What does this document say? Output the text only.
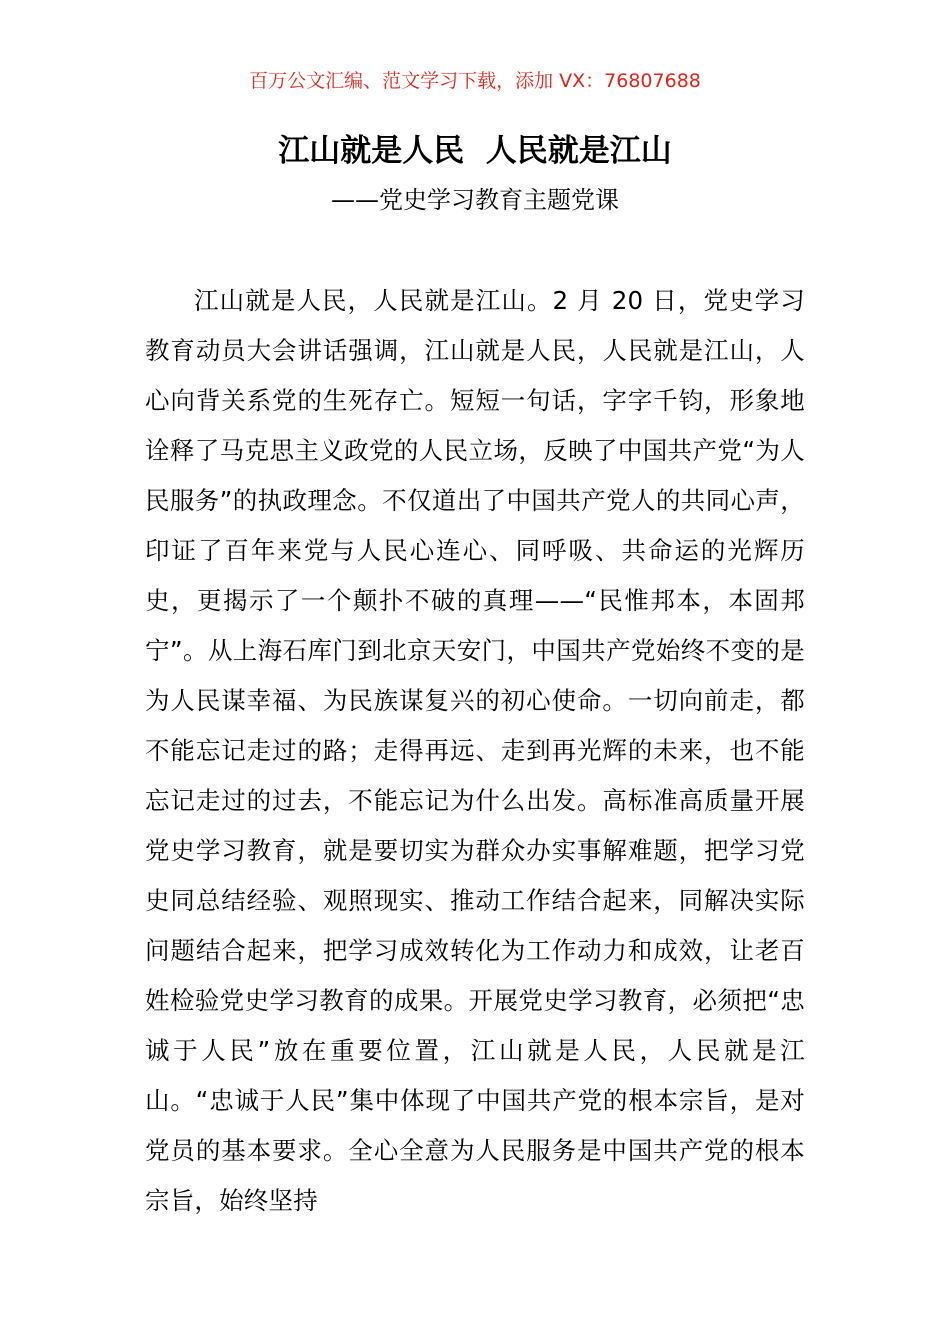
百万公文汇编、范文学习下载，添加 VX：76807688
江山就是人民  人民就是江山
——党史学习教育主题党课

江山就是人民，人民就是江山。2 月 20 日，党史学习教育动员大会讲话强调，江山就是人民，人民就是江山，人心向背关系党的生死存亡。短短一句话，字字千钧，形象地诠释了马克思主义政党的人民立场，反映了中国共产党“为人民服务”的执政理念。不仅道出了中国共产党人的共同心声，印证了百年来党与人民心连心、同呼吸、共命运的光辉历史，更揭示了一个颠扑不破的真理——“民惟邦本，本固邦宁”。从上海石库门到北京天安门，中国共产党始终不变的是为人民谋幸福、为民族谋复兴的初心使命。一切向前走，都不能忘记走过的路；走得再远、走到再光辉的未来，也不能忘记走过的过去，不能忘记为什么出发。高标准高质量开展党史学习教育，就是要切实为群众办实事解难题，把学习党史同总结经验、观照现实、推动工作结合起来，同解决实际问题结合起来，把学习成效转化为工作动力和成效，让老百姓检验党史学习教育的成果。开展党史学习教育，必须把“忠诚于人民”放在重要位置，江山就是人民，人民就是江山。“忠诚于人民”集中体现了中国共产党的根本宗旨，是对党员的基本要求。全心全意为人民服务是中国共产党的根本宗旨，始终坚持
